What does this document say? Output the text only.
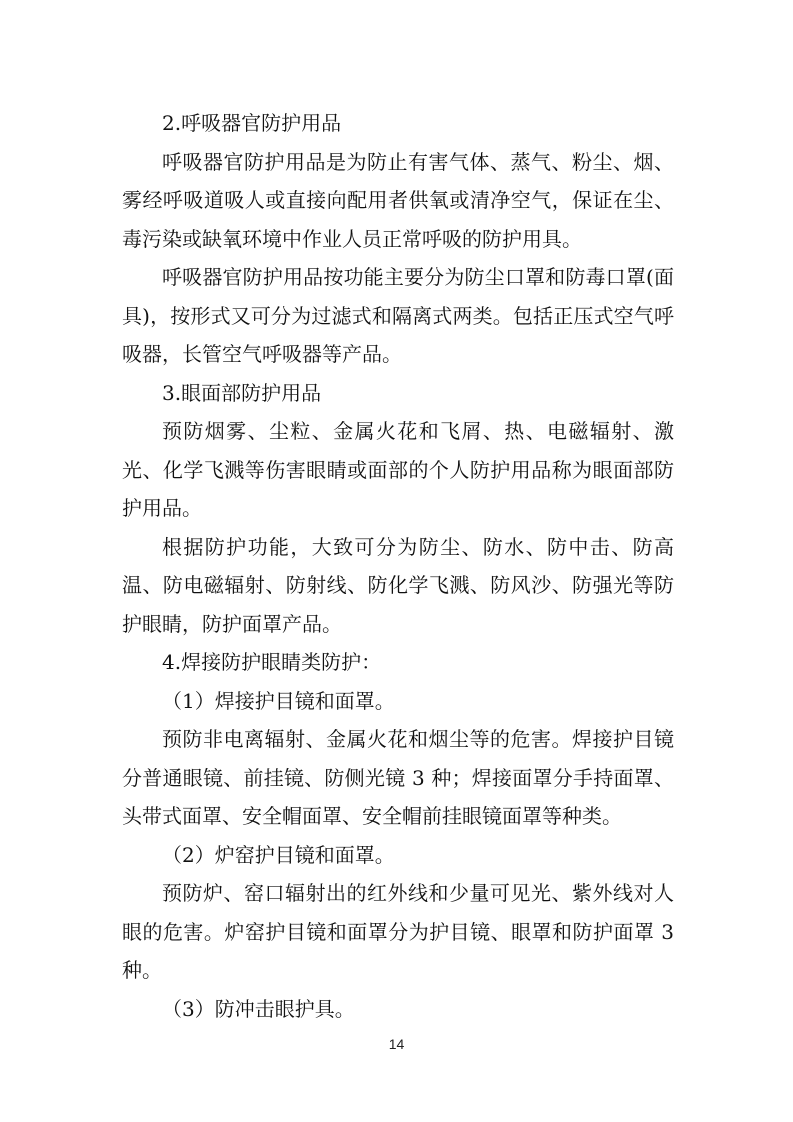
2.呼吸器官防护用品

呼吸器官防护用品是为防止有害气体、蒸气、粉尘、烟、雾经呼吸道吸人或直接向配用者供氧或清净空气，保证在尘、毒污染或缺氧环境中作业人员正常呼吸的防护用具。

呼吸器官防护用品按功能主要分为防尘口罩和防毒口罩(面具)，按形式又可分为过滤式和隔离式两类。包括正压式空气呼吸器，长管空气呼吸器等产品。

3.眼面部防护用品

预防烟雾、尘粒、金属火花和飞屑、热、电磁辐射、激光、化学飞溅等伤害眼睛或面部的个人防护用品称为眼面部防护用品。

根据防护功能，大致可分为防尘、防水、防中击、防高温、防电磁辐射、防射线、防化学飞溅、防风沙、防强光等防护眼睛，防护面罩产品。

4.焊接防护眼睛类防护：

（1）焊接护目镜和面罩。

预防非电离辐射、金属火花和烟尘等的危害。焊接护目镜分普通眼镜、前挂镜、防侧光镜 3 种；焊接面罩分手持面罩、头带式面罩、安全帽面罩、安全帽前挂眼镜面罩等种类。

（2）炉窑护目镜和面罩。

预防炉、窑口辐射出的红外线和少量可见光、紫外线对人眼的危害。炉窑护目镜和面罩分为护目镜、眼罩和防护面罩 3 种。

（3）防冲击眼护具。

14
